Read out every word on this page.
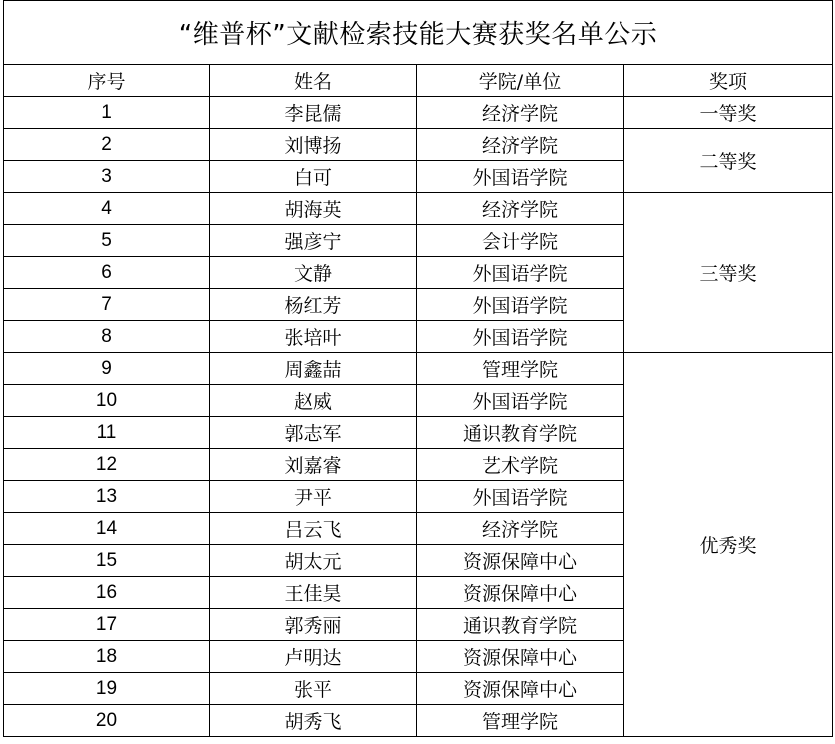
“维普杯”文献检索技能大赛获奖名单公示			
序号	姓名	学院/单位	奖项
1	李昆儒	经济学院	一等奖
2	刘博扬	经济学院	二等奖
3	白可	外国语学院	
4	胡海英	经济学院	三等奖
5	强彦宁	会计学院	
6	文静	外国语学院	
7	杨红芳	外国语学院	
8	张培叶	外国语学院	
9	周鑫喆	管理学院	优秀奖
10	赵威	外国语学院	
11	郭志军	通识教育学院	
12	刘嘉睿	艺术学院	
13	尹平	外国语学院	
14	吕云飞	经济学院	
15	胡太元	资源保障中心	
16	王佳昊	资源保障中心	
17	郭秀丽	通识教育学院	
18	卢明达	资源保障中心	
19	张平	资源保障中心	
20	胡秀飞	管理学院	
